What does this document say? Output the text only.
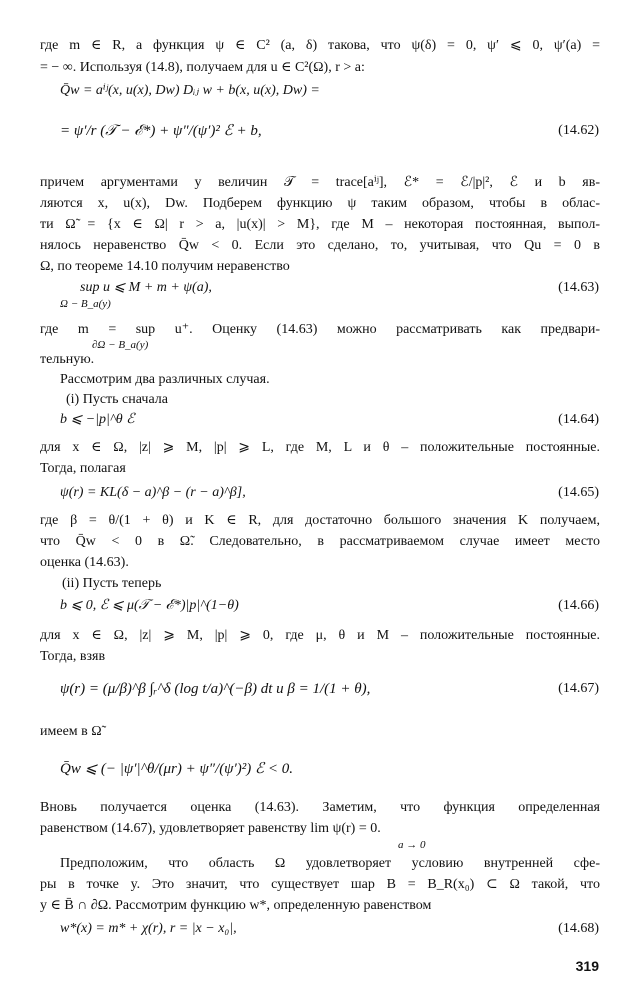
где m ∈ R, а функция ψ ∈ C² (a, δ) такова, что ψ(δ) = 0, ψ′ ⩽ 0, ψ′(a) =
= − ∞. Используя (14.8), получаем для u ∈ C²(Ω), r > a:
Q̄w = aⁱʲ(x, u(x), Dw) Dᵢⱼ w + b(x, u(x), Dw) =
= ψ′/r (𝒯 − ℰ*) + ψ″/(ψ′)² ℰ + b,	(14.62)
причем аргументами у величин 𝒯 = trace[aⁱʲ], ℰ* = ℰ/|p|², ℰ и b яв-
ляются x, u(x), Dw. Подберем функцию ψ таким образом, чтобы в облас-
ти Ω̃ = {x ∈ Ω| r > a, |u(x)| > M}, где M – некоторая постоянная, выпол-
нялось неравенство Q̄w < 0. Если это сделано, то, учитывая, что Qu = 0 в
Ω, по теореме 14.10 получим неравенство
sup u ⩽ M + m + ψ(a),
Ω − B_a(y)
(14.63)
где m = sup u⁺. Оценку (14.63) можно рассматривать как предвари-
∂Ω − B_a(y)
тельную.
Рассмотрим два различных случая.
(i) Пусть сначала
b ⩽ −|p|^θ ℰ	(14.64)
для x ∈ Ω, |z| ⩾ M, |p| ⩾ L, где M, L и θ – положительные постоянные.
Тогда, полагая
ψ(r) = KL(δ − a)^β − (r − a)^β],	(14.65)
где β = θ/(1 + θ) и K ∈ R, для достаточно большого значения K получаем,
что Q̄w < 0 в Ω̃. Следовательно, в рассматриваемом случае имеет место
оценка (14.63).
(ii) Пусть теперь
b ⩽ 0, ℰ ⩽ μ(𝒯 − ℰ*)|p|^(1−θ)	(14.66)
для x ∈ Ω, |z| ⩾ M, |p| ⩾ 0, где μ, θ и M – положительные постоянные.
Тогда, взяв
ψ(r) = (μ/β)^β ∫ᵣ^δ (log t/a)^(−β) dt и β = 1/(1 + θ),	(14.67)
имеем в Ω̃
Q̄w ⩽ (− |ψ′|^θ/(μr) + ψ″/(ψ′)²) ℰ < 0.
Вновь получается оценка (14.63). Заметим, что функция определенная
равенством (14.67), удовлетворяет равенству lim ψ(r) = 0.
a → 0
Предположим, что область Ω удовлетворяет условию внутренней сфе-
ры в точке y. Это значит, что существует шар B = B_R(x₀) ⊂ Ω такой, что
y ∈ B̄ ∩ ∂Ω. Рассмотрим функцию w*, определенную равенством
w*(x) = m* + χ(r), r = |x − x₀|,	(14.68)
319
